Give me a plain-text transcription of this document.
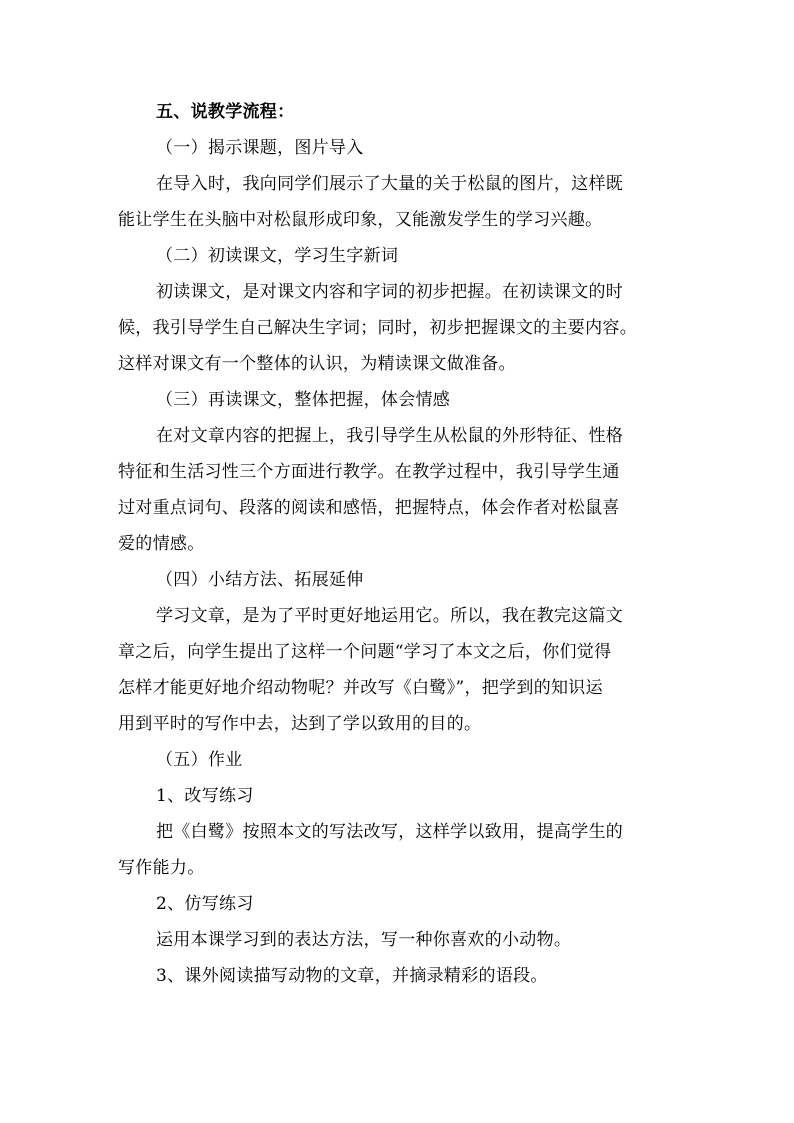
五、说教学流程：
（一）揭示课题，图片导入
在导入时，我向同学们展示了大量的关于松鼠的图片，这样既
能让学生在头脑中对松鼠形成印象，又能激发学生的学习兴趣。
（二）初读课文，学习生字新词
初读课文，是对课文内容和字词的初步把握。在初读课文的时
候，我引导学生自己解决生字词；同时，初步把握课文的主要内容。
这样对课文有一个整体的认识，为精读课文做准备。
（三）再读课文，整体把握，体会情感
在对文章内容的把握上，我引导学生从松鼠的外形特征、性格
特征和生活习性三个方面进行教学。在教学过程中，我引导学生通
过对重点词句、段落的阅读和感悟，把握特点，体会作者对松鼠喜
爱的情感。
（四）小结方法、拓展延伸
学习文章，是为了平时更好地运用它。所以，我在教完这篇文
章之后，向学生提出了这样一个问题“学习了本文之后，你们觉得
怎样才能更好地介绍动物呢？并改写《白鹭》”，把学到的知识运
用到平时的写作中去，达到了学以致用的目的。
（五）作业
1、改写练习
把《白鹭》按照本文的写法改写，这样学以致用，提高学生的
写作能力。
2、仿写练习
运用本课学习到的表达方法，写一种你喜欢的小动物。
3、课外阅读描写动物的文章，并摘录精彩的语段。
